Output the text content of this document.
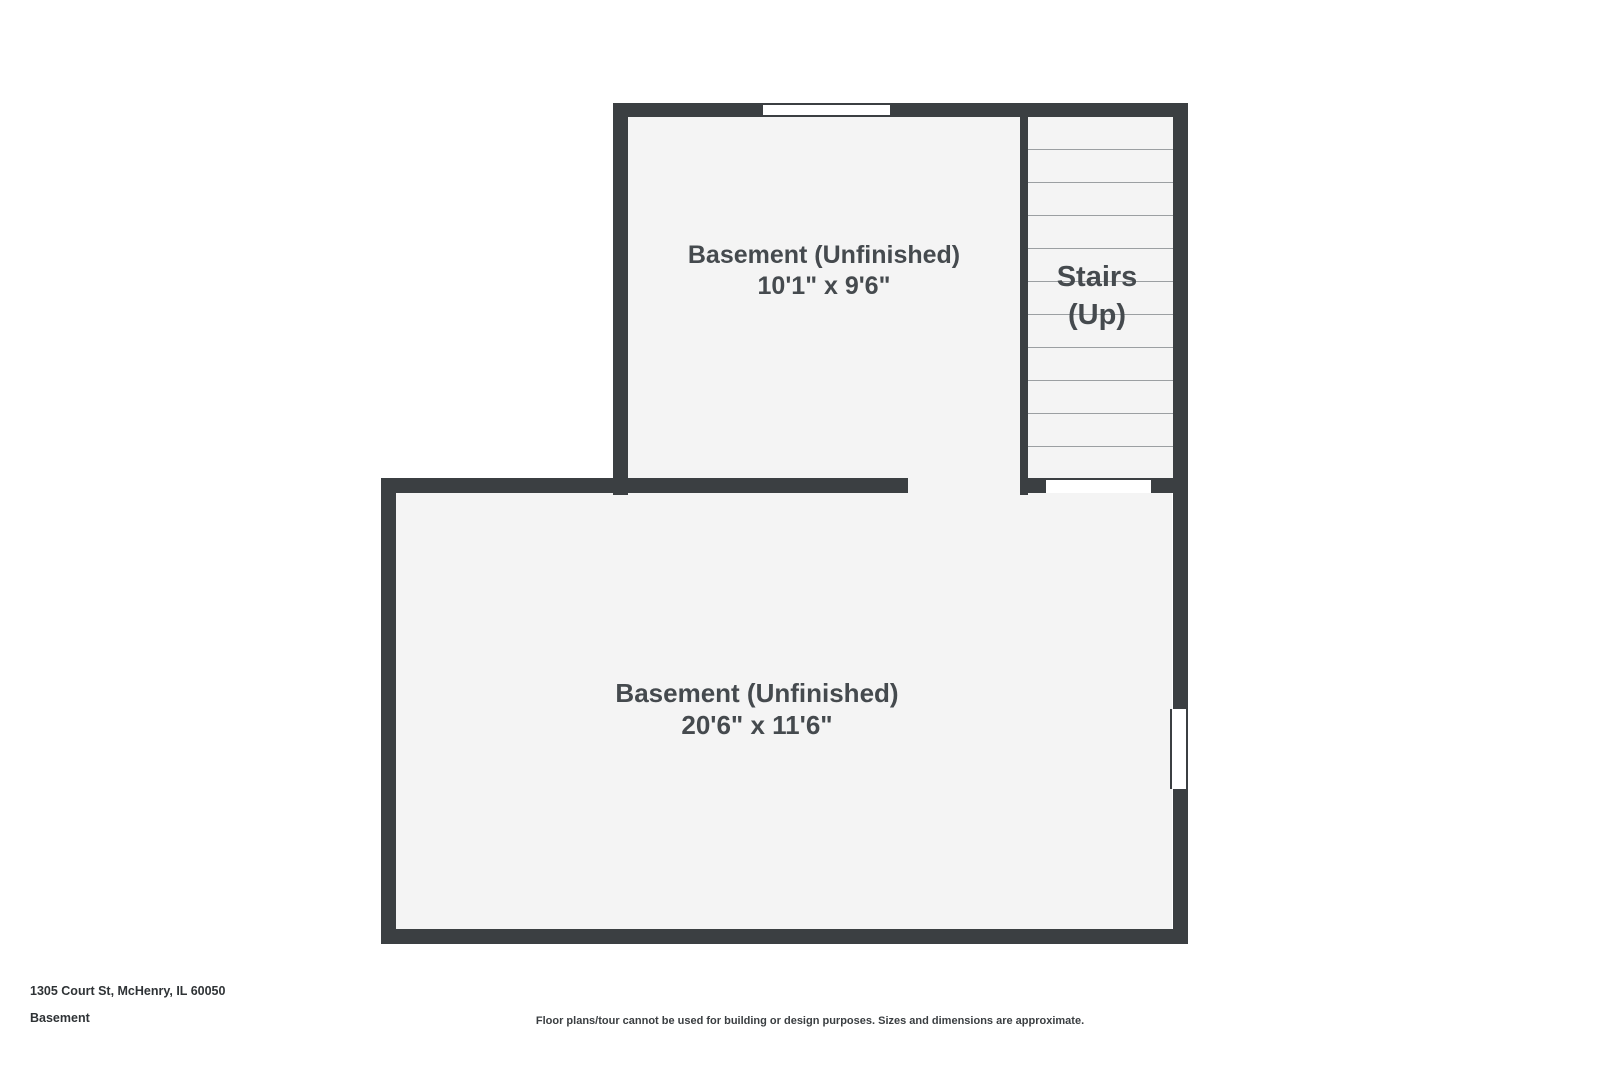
Basement (Unfinished)
10'1" x 9'6"
Basement (Unfinished)
20'6" x 11'6"
Stairs
(Up)
1305 Court St, McHenry, IL 60050
Basement	Floor plans/tour cannot be used for building or design purposes. Sizes and dimensions are approximate.
